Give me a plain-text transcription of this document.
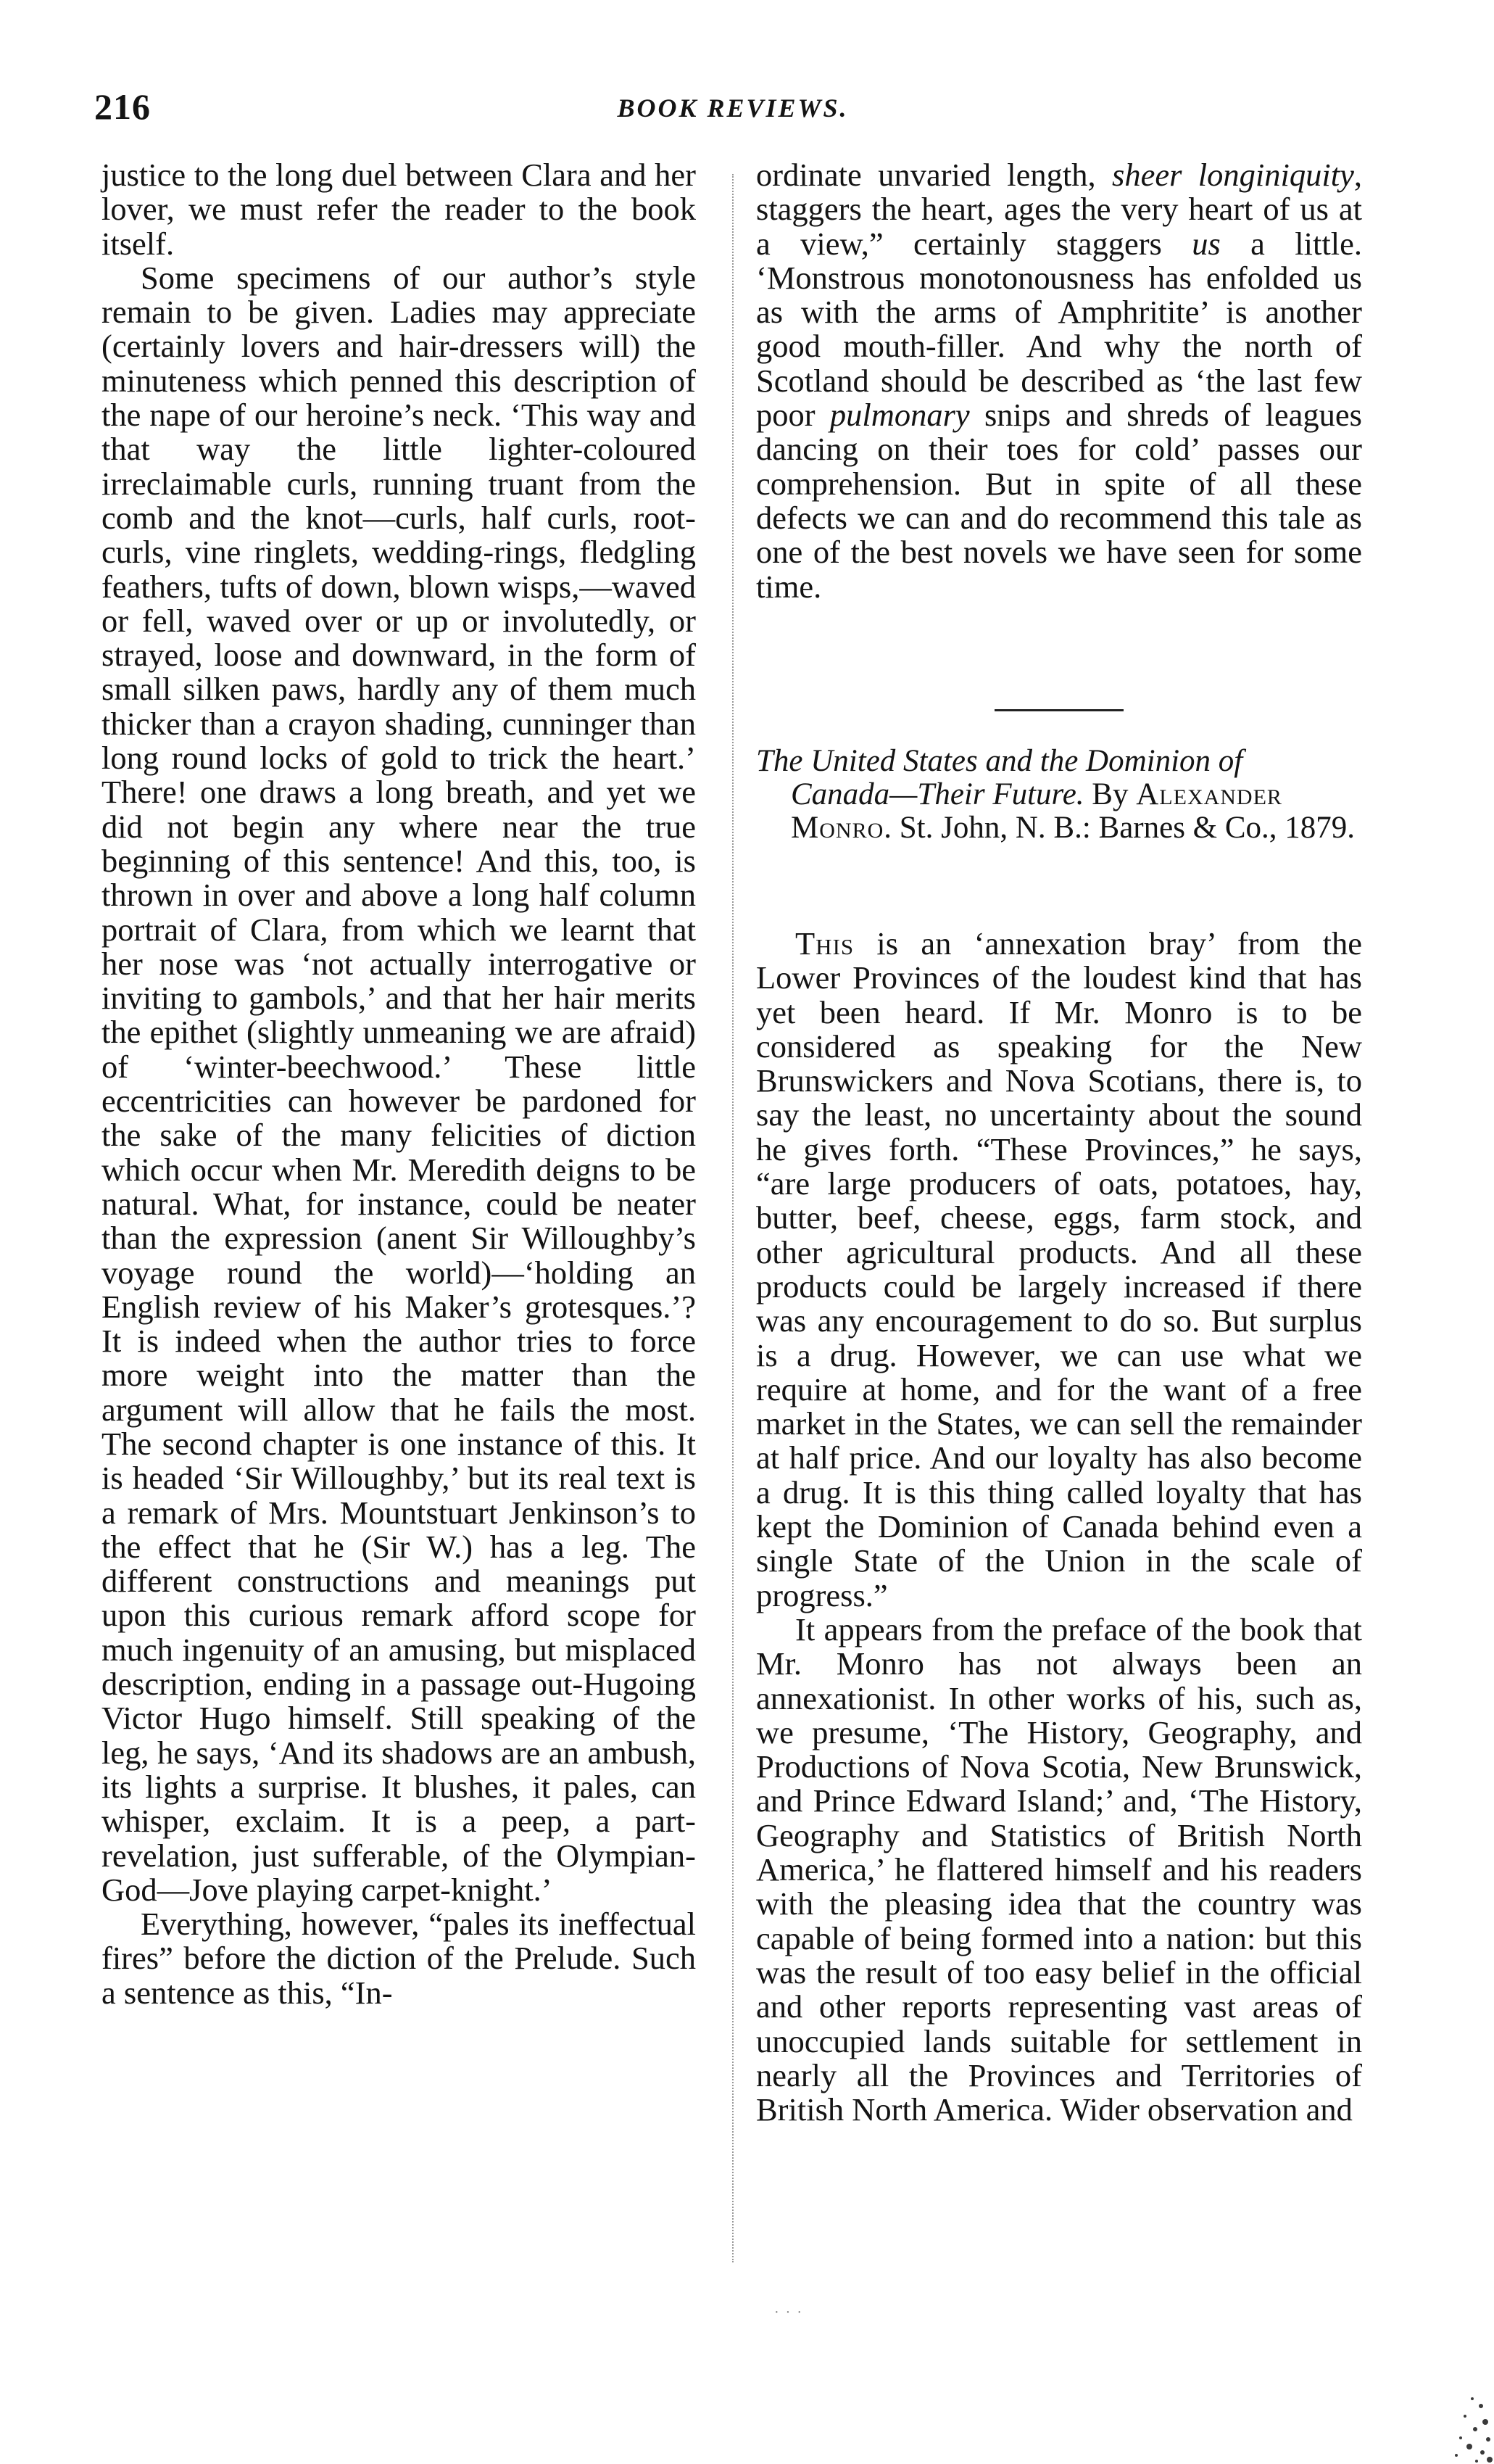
216	BOOK REVIEWS.

justice to the long duel between Clara and her lover, we must refer the reader to the book itself.

Some specimens of our author’s style remain to be given. Ladies may appreciate (certainly lovers and hair-dressers will) the minuteness which penned this description of the nape of our heroine’s neck. ‘This way and that way the little lighter-coloured irreclaimable curls, running truant from the comb and the knot—curls, half curls, root-curls, vine ringlets, wedding-rings, fledgling feathers, tufts of down, blown wisps,—waved or fell, waved over or up or involutedly, or strayed, loose and downward, in the form of small silken paws, hardly any of them much thicker than a crayon shading, cunninger than long round locks of gold to trick the heart.’ There! one draws a long breath, and yet we did not begin any where near the true beginning of this sentence! And this, too, is thrown in over and above a long half column portrait of Clara, from which we learnt that her nose was ‘not actually interrogative or inviting to gambols,’ and that her hair merits the epithet (slightly unmeaning we are afraid) of ‘winter-beechwood.’ These little eccentricities can however be pardoned for the sake of the many felicities of diction which occur when Mr. Meredith deigns to be natural. What, for instance, could be neater than the expression (anent Sir Willoughby’s voyage round the world)—‘holding an English review of his Maker’s grotesques.’? It is indeed when the author tries to force more weight into the matter than the argument will allow that he fails the most. The second chapter is one instance of this. It is headed ‘Sir Willoughby,’ but its real text is a remark of Mrs. Mountstuart Jenkinson’s to the effect that he (Sir W.) has a leg. The different constructions and meanings put upon this curious remark afford scope for much ingenuity of an amusing, but misplaced description, ending in a passage out-Hugoing Victor Hugo himself. Still speaking of the leg, he says, ‘And its shadows are an ambush, its lights a surprise. It blushes, it pales, can whisper, exclaim. It is a peep, a part-revelation, just sufferable, of the Olympian-God—Jove playing carpet-knight.’

Everything, however, “pales its ineffectual fires” before the diction of the Prelude. Such a sentence as this, “In-

ordinate unvaried length, sheer longiniquity, staggers the heart, ages the very heart of us at a view,” certainly staggers us a little. ‘Monstrous monotonousness has enfolded us as with the arms of Amphritite’ is another good mouth-filler. And why the north of Scotland should be described as ‘the last few poor pulmonary snips and shreds of leagues dancing on their toes for cold’ passes our comprehension. But in spite of all these defects we can and do recommend this tale as one of the best novels we have seen for some time.

The United States and the Dominion of
Canada—Their Future. By Alexander Monro. St. John, N. B.: Barnes & Co., 1879.

This is an ‘annexation bray’ from the Lower Provinces of the loudest kind that has yet been heard. If Mr. Monro is to be considered as speaking for the New Brunswickers and Nova Scotians, there is, to say the least, no uncertainty about the sound he gives forth. “These Provinces,” he says, “are large producers of oats, potatoes, hay, butter, beef, cheese, eggs, farm stock, and other agricultural products. And all these products could be largely increased if there was any encouragement to do so. But surplus is a drug. However, we can use what we require at home, and for the want of a free market in the States, we can sell the remainder at half price. And our loyalty has also become a drug. It is this thing called loyalty that has kept the Dominion of Canada behind even a single State of the Union in the scale of progress.”

It appears from the preface of the book that Mr. Monro has not always been an annexationist. In other works of his, such as, we presume, ‘The History, Geography, and Productions of Nova Scotia, New Brunswick, and Prince Edward Island;’ and, ‘The History, Geography and Statistics of British North America,’ he flattered himself and his readers with the pleasing idea that the country was capable of being formed into a nation: but this was the result of too easy belief in the official and other reports representing vast areas of unoccupied lands suitable for settlement in nearly all the Provinces and Territories of British North America. Wider observation and

· · ·
